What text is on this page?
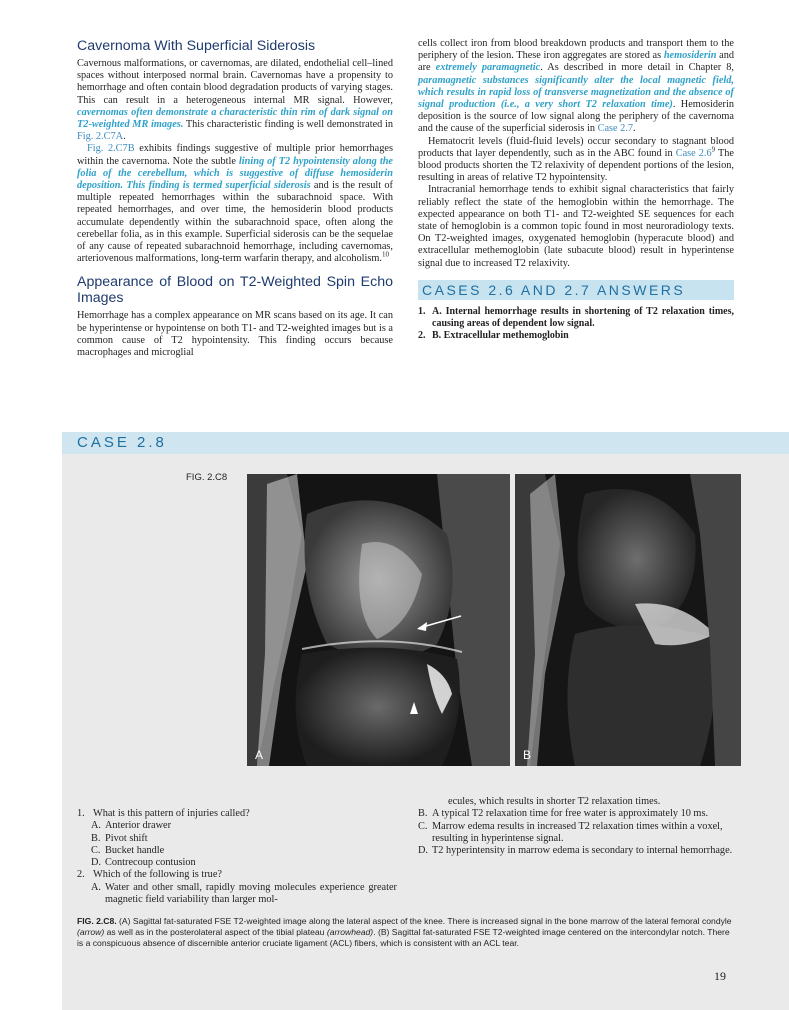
Cavernoma With Superficial Siderosis

Cavernous malformations, or cavernomas, are dilated, endothelial cell–lined spaces without interposed normal brain. Cavernomas have a propensity to hemorrhage and often contain blood degradation products of varying stages. This can result in a heterogeneous internal MR signal. However, cavernomas often demonstrate a characteristic thin rim of dark signal on T2-weighted MR images. This characteristic finding is well demonstrated in Fig. 2.C7A.

Fig. 2.C7B exhibits findings suggestive of multiple prior hemorrhages within the cavernoma. Note the subtle lining of T2 hypointensity along the folia of the cerebellum, which is suggestive of diffuse hemosiderin deposition. This finding is termed superficial siderosis and is the result of multiple repeated hemorrhages within the subarachnoid space. With repeated hemorrhages, and over time, the hemosiderin blood products accumulate dependently within the subarachnoid space, often along the cerebellar folia, as in this example. Superficial siderosis can be the sequelae of any cause of repeated subarachnoid hemorrhage, including cavernomas, arteriovenous malformations, long-term warfarin therapy, and alcoholism.$^{10}$

Appearance of Blood on T2-Weighted Spin Echo Images

Hemorrhage has a complex appearance on MR scans based on its age. It can be hyperintense or hypointense on both T1- and T2-weighted images but is a common cause of T2 hypointensity. This finding occurs because macrophages and microglial

cells collect iron from blood breakdown products and transport them to the periphery of the lesion. These iron aggregates are stored as hemosiderin and are extremely paramagnetic. As described in more detail in Chapter 8, paramagnetic substances significantly alter the local magnetic field, which results in rapid loss of transverse magnetization and the absence of signal production (i.e., a very short T2 relaxation time). Hemosiderin deposition is the source of low signal along the periphery of the cavernoma and the cause of the superficial siderosis in Case 2.7.

Hematocrit levels (fluid-fluid levels) occur secondary to stagnant blood products that layer dependently, such as in the ABC found in Case $2.6^9$ The blood products shorten the T2 relaxivity of dependent portions of the lesion, resulting in areas of relative T2 hypointensity.

Intracranial hemorrhage tends to exhibit signal characteristics that fairly reliably reflect the state of the hemoglobin within the hemorrhage. The expected appearance on both T1- and T2-weighted SE sequences for each state of hemoglobin is a common topic found in most neuroradiology texts. On T2-weighted images, oxygenated hemoglobin (hyperacute blood) and extracellular methemoglobin (late subacute blood) result in hyperintense signal due to increased T2 relaxivity.

CASES 2.6 AND 2.7 ANSWERS
1. A. Internal hemorrhage results in shortening of T2 relaxation times, causing areas of dependent low signal.
2. B. Extracellular methemoglobin
CASE 2.8
FIG. 2.C8
A	B
1. What is this pattern of injuries called?
A. Anterior drawer
B. Pivot shift
C. Bucket handle
D. Contrecoup contusion
2. Which of the following is true?
A. Water and other small, rapidly moving molecules experience greater magnetic field variability than larger mol-
ecules, which results in shorter T2 relaxation times.
B. A typical T2 relaxation time for free water is approximately 10 ms.
C. Marrow edema results in increased T2 relaxation times within a voxel, resulting in hyperintense signal.
D. T2 hyperintensity in marrow edema is secondary to internal hemorrhage.
FIG. 2.C8. (A) Sagittal fat-saturated FSE T2-weighted image along the lateral aspect of the knee. There is increased signal in the bone marrow of the lateral femoral condyle (arrow) as well as in the posterolateral aspect of the tibial plateau (arrowhead). (B) Sagittal fat-saturated FSE T2-weighted image centered on the intercondylar notch. There is a conspicuous absence of discernible anterior cruciate ligament (ACL) fibers, which is consistent with an ACL tear.
19
